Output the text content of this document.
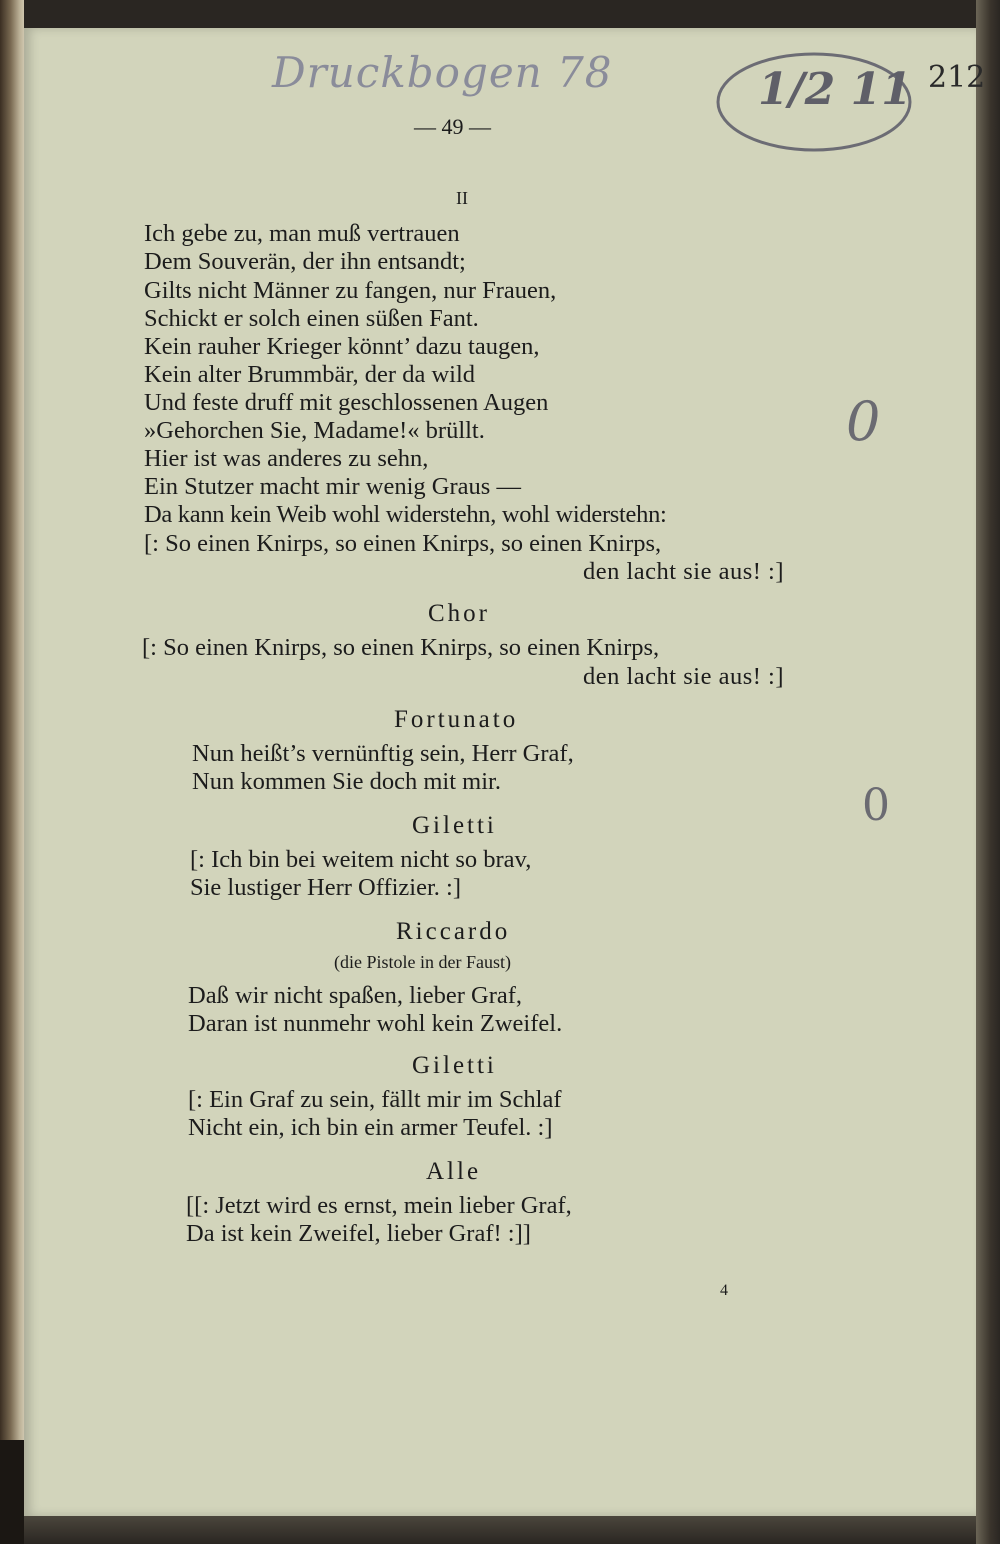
Druckbogen 78	1/2 11 212
0
0

— 49 —

II

Ich gebe zu, man muß vertrauen

Dem Souverän, der ihn entsandt;

Gilts nicht Männer zu fangen, nur Frauen,

Schickt er solch einen süßen Fant.

Kein rauher Krieger könnt’ dazu taugen,

Kein alter Brummbär, der da wild

Und feste druff mit geschlossenen Augen

»Gehorchen Sie, Madame!« brüllt.

Hier ist was anderes zu sehn,

Ein Stutzer macht mir wenig Graus —

Da kann kein Weib wohl widerstehn, wohl widerstehn:

[: So einen Knirps, so einen Knirps, so einen Knirps,

den lacht sie aus! :]

Chor

[: So einen Knirps, so einen Knirps, so einen Knirps,

den lacht sie aus! :]

Fortunato

Nun heißt’s vernünftig sein, Herr Graf,

Nun kommen Sie doch mit mir.

Giletti

[: Ich bin bei weitem nicht so brav,

Sie lustiger Herr Offizier. :]

Riccardo

(die Pistole in der Faust)

Daß wir nicht spaßen, lieber Graf,

Daran ist nunmehr wohl kein Zweifel.

Giletti

[: Ein Graf zu sein, fällt mir im Schlaf

Nicht ein, ich bin ein armer Teufel. :]

Alle

[[: Jetzt wird es ernst, mein lieber Graf,

Da ist kein Zweifel, lieber Graf! :]]

4
